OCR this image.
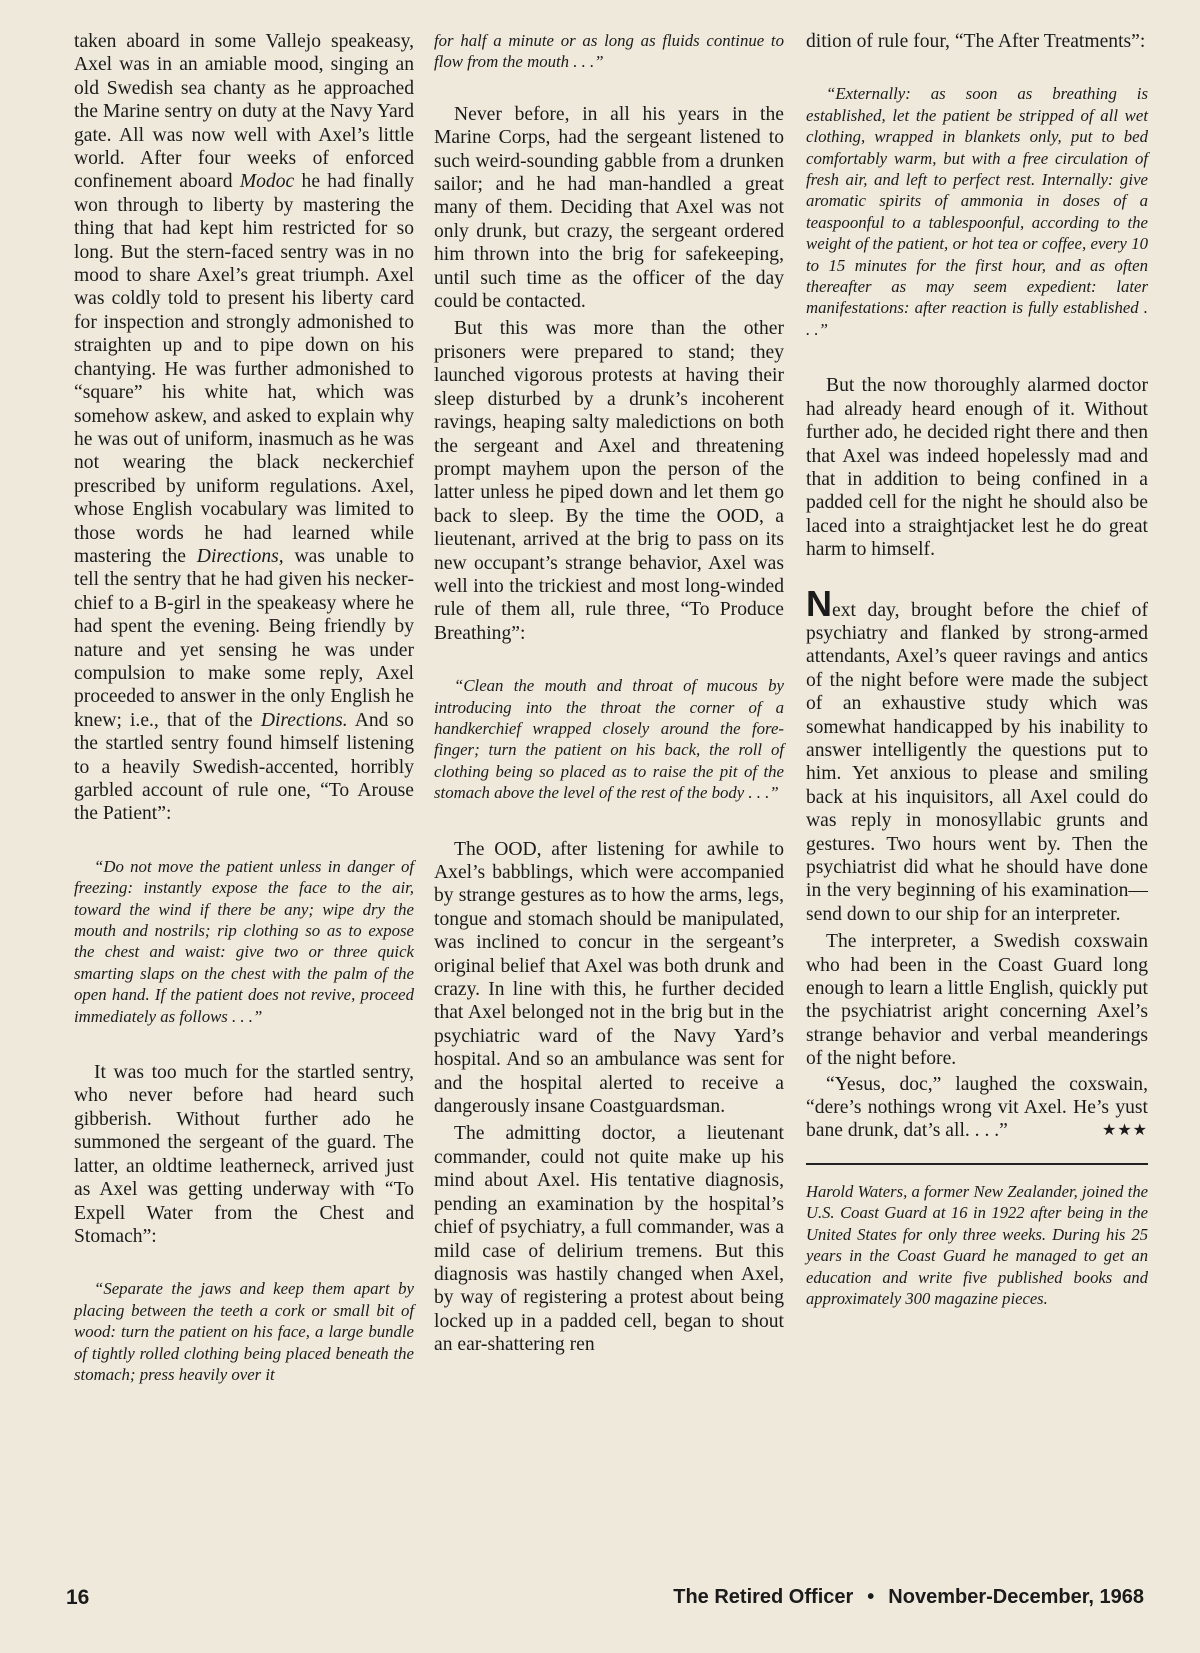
taken aboard in some Vallejo speakeasy, Axel was in an amiable mood, singing an old Swedish sea chanty as he approached the Marine sentry on duty at the Navy Yard gate. All was now well with Axel’s little world. After four weeks of enforced confinement aboard Modoc he had finally won through to liberty by mastering the thing that had kept him restricted for so long. But the stern-faced sentry was in no mood to share Axel’s great triumph. Axel was coldly told to present his liberty card for inspection and strongly admonished to straighten up and to pipe down on his chantying. He was further admonished to “square” his white hat, which was somehow askew, and asked to explain why he was out of uniform, inasmuch as he was not wearing the black neckerchief prescribed by uniform regulations. Axel, whose English vocabulary was limited to those words he had learned while mastering the Directions, was unable to tell the sentry that he had given his neckerchief to a B-girl in the speakeasy where he had spent the evening. Being friendly by nature and yet sensing he was under compulsion to make some reply, Axel proceeded to answer in the only English he knew; i.e., that of the Directions. And so the startled sentry found himself listening to a heavily Swedish-accented, horribly garbled account of rule one, “To Arouse the Patient”:

“Do not move the patient unless in danger of freezing: instantly expose the face to the air, toward the wind if there be any; wipe dry the mouth and nostrils; rip clothing so as to expose the chest and waist: give two or three quick smarting slaps on the chest with the palm of the open hand. If the patient does not revive, proceed immediately as follows . . .”

It was too much for the startled sentry, who never before had heard such gibberish. Without further ado he summoned the sergeant of the guard. The latter, an oldtime leatherneck, arrived just as Axel was getting underway with “To Expell Water from the Chest and Stomach”:

“Separate the jaws and keep them apart by placing between the teeth a cork or small bit of wood: turn the patient on his face, a large bundle of tightly rolled clothing being placed beneath the stomach; press heavily over it

for half a minute or as long as fluids continue to flow from the mouth . . .”

Never before, in all his years in the Marine Corps, had the sergeant listened to such weird-sounding gabble from a drunken sailor; and he had man-handled a great many of them. Deciding that Axel was not only drunk, but crazy, the sergeant ordered him thrown into the brig for safekeeping, until such time as the officer of the day could be contacted.

But this was more than the other prisoners were prepared to stand; they launched vigorous protests at having their sleep disturbed by a drunk’s incoherent ravings, heaping salty maledictions on both the sergeant and Axel and threatening prompt mayhem upon the person of the latter unless he piped down and let them go back to sleep. By the time the OOD, a lieutenant, arrived at the brig to pass on its new occupant’s strange behavior, Axel was well into the trickiest and most long-winded rule of them all, rule three, “To Produce Breathing”:

“Clean the mouth and throat of mucous by introducing into the throat the corner of a handkerchief wrapped closely around the fore-finger; turn the patient on his back, the roll of clothing being so placed as to raise the pit of the stomach above the level of the rest of the body . . .”

The OOD, after listening for awhile to Axel’s babblings, which were accompanied by strange gestures as to how the arms, legs, tongue and stomach should be manipulated, was inclined to concur in the sergeant’s original belief that Axel was both drunk and crazy. In line with this, he further decided that Axel belonged not in the brig but in the psychiatric ward of the Navy Yard’s hospital. And so an ambulance was sent for and the hospital alerted to receive a dangerously insane Coastguardsman.

The admitting doctor, a lieutenant commander, could not quite make up his mind about Axel. His tentative diagnosis, pending an examination by the hospital’s chief of psychiatry, a full commander, was a mild case of delirium tremens. But this diagnosis was hastily changed when Axel, by way of registering a protest about being locked up in a padded cell, began to shout an ear-shattering ren

dition of rule four, “The After Treatments”:

“Externally: as soon as breathing is established, let the patient be stripped of all wet clothing, wrapped in blankets only, put to bed comfortably warm, but with a free circulation of fresh air, and left to perfect rest. Internally: give aromatic spirits of ammonia in doses of a teaspoonful to a tablespoonful, according to the weight of the patient, or hot tea or coffee, every 10 to 15 minutes for the first hour, and as often thereafter as may seem expedient: later manifestations: after reaction is fully established . . .”

But the now thoroughly alarmed doctor had already heard enough of it. Without further ado, he decided right there and then that Axel was indeed hopelessly mad and that in addition to being confined in a padded cell for the night he should also be laced into a straightjacket lest he do great harm to himself.

Next day, brought before the chief of psychiatry and flanked by strong-armed attendants, Axel’s queer ravings and antics of the night before were made the subject of an exhaustive study which was somewhat handicapped by his inability to answer intelligently the questions put to him. Yet anxious to please and smiling back at his inquisitors, all Axel could do was reply in monosyllabic grunts and gestures. Two hours went by. Then the psychiatrist did what he should have done in the very beginning of his examination—send down to our ship for an interpreter.

The interpreter, a Swedish coxswain who had been in the Coast Guard long enough to learn a little English, quickly put the psychiatrist aright concerning Axel’s strange behavior and verbal meanderings of the night before.

“Yesus, doc,” laughed the coxswain, “dere’s nothings wrong vit Axel. He’s yust bane drunk, dat’s all. . . .”	★★★

Harold Waters, a former New Zealander, joined the U.S. Coast Guard at 16 in 1922 after being in the United States for only three weeks. During his 25 years in the Coast Guard he managed to get an education and write five published books and approximately 300 magazine pieces.

16	The Retired Officer • November-December, 1968
